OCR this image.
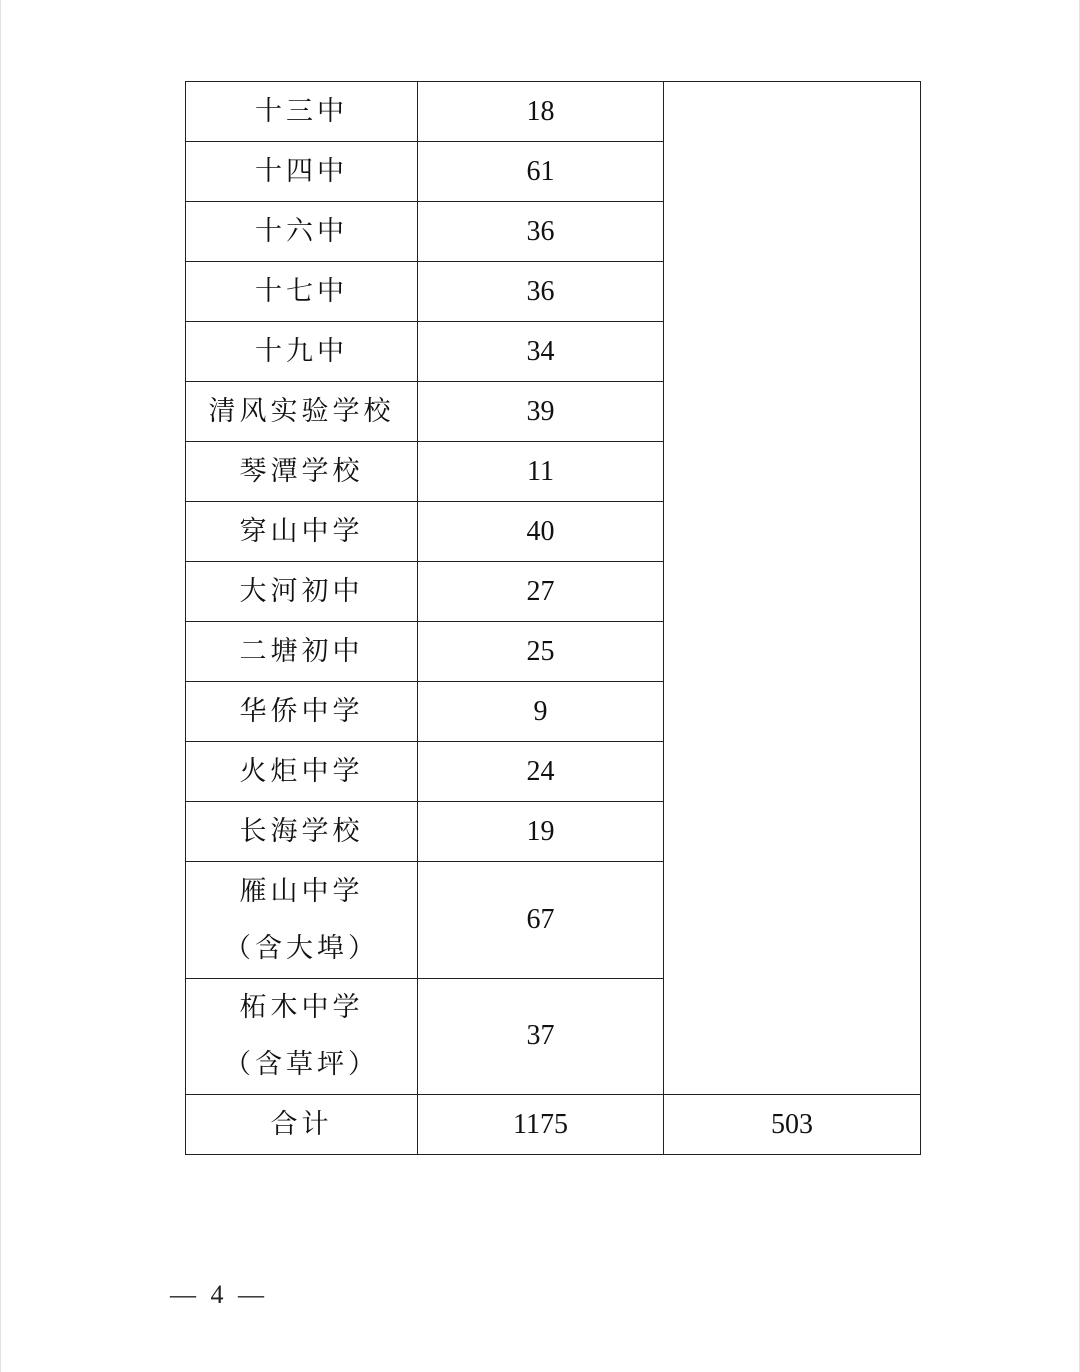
十三中	18	
十四中	61	
十六中	36	
十七中	36	
十九中	34	
清风实验学校	39	
琴潭学校	11	
穿山中学	40	
大河初中	27	
二塘初中	25	
华侨中学	9	
火炬中学	24	
长海学校	19	

雁山中学
（含大埠）	67	

柘木中学
（含草坪）	37	
合计	1175	503
— 4 —
